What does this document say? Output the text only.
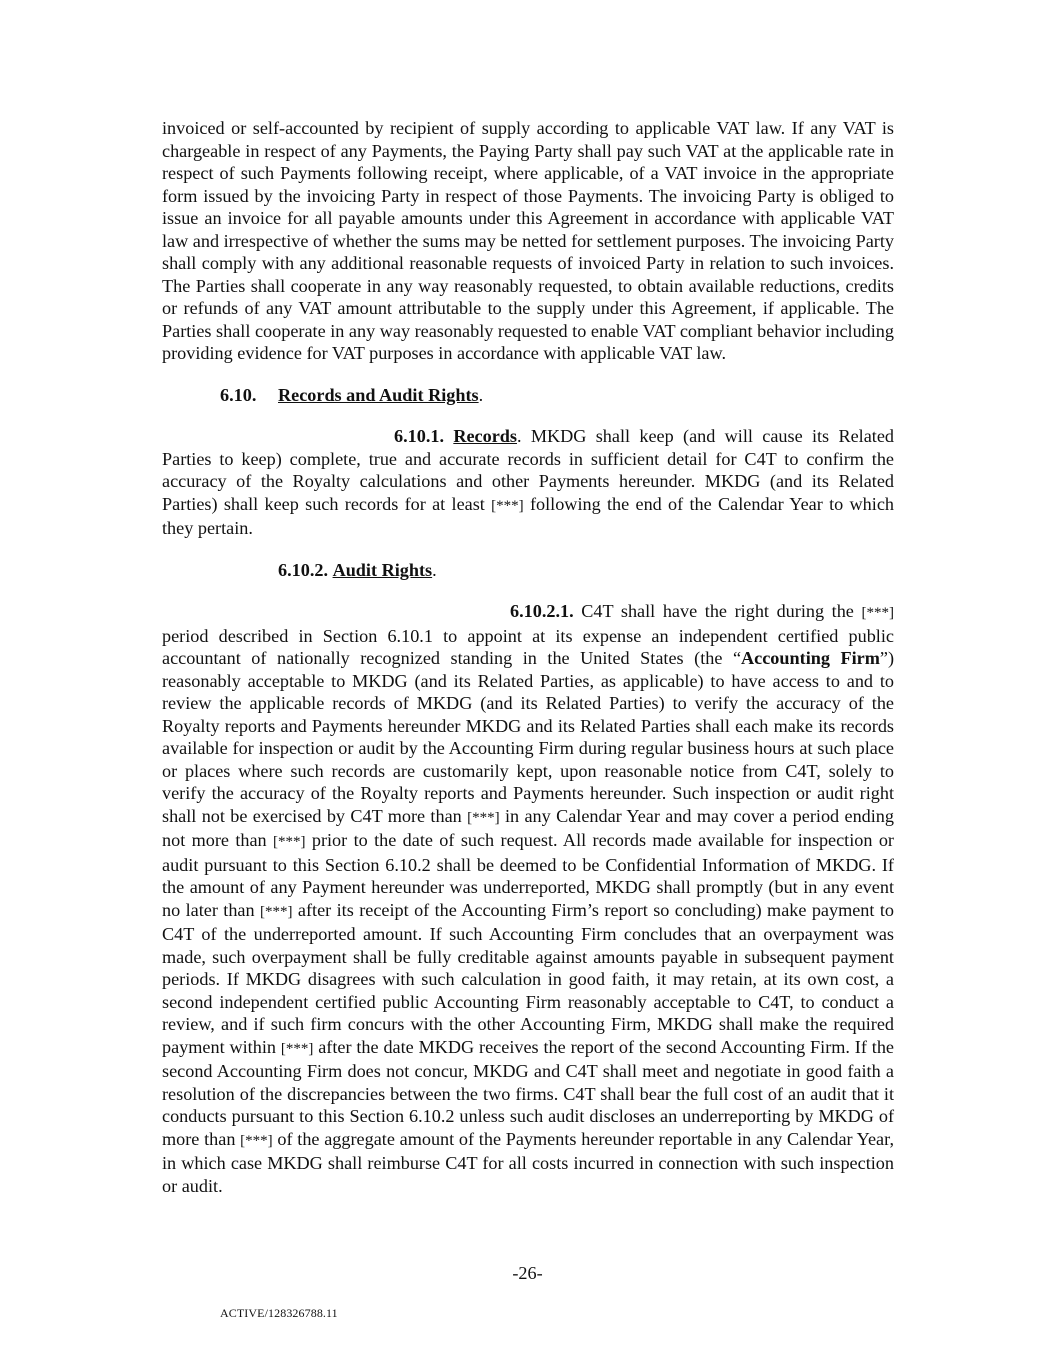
invoiced or self-accounted by recipient of supply according to applicable VAT law. If any VAT is chargeable in respect of any Payments, the Paying Party shall pay such VAT at the applicable rate in respect of such Payments following receipt, where applicable, of a VAT invoice in the appropriate form issued by the invoicing Party in respect of those Payments. The invoicing Party is obliged to issue an invoice for all payable amounts under this Agreement in accordance with applicable VAT law and irrespective of whether the sums may be netted for settlement purposes. The invoicing Party shall comply with any additional reasonable requests of invoiced Party in relation to such invoices. The Parties shall cooperate in any way reasonably requested, to obtain available reductions, credits or refunds of any VAT amount attributable to the supply under this Agreement, if applicable. The Parties shall cooperate in any way reasonably requested to enable VAT compliant behavior including providing evidence for VAT purposes in accordance with applicable VAT law.

6.10. Records and Audit Rights.

6.10.1. Records. MKDG shall keep (and will cause its Related Parties to keep) complete, true and accurate records in sufficient detail for C4T to confirm the accuracy of the Royalty calculations and other Payments hereunder. MKDG (and its Related Parties) shall keep such records for at least [***] following the end of the Calendar Year to which they pertain.

6.10.2. Audit Rights.

6.10.2.1. C4T shall have the right during the [***] period described in Section 6.10.1 to appoint at its expense an independent certified public accountant of nationally recognized standing in the United States (the “Accounting Firm”) reasonably acceptable to MKDG (and its Related Parties, as applicable) to have access to and to review the applicable records of MKDG (and its Related Parties) to verify the accuracy of the Royalty reports and Payments hereunder MKDG and its Related Parties shall each make its records available for inspection or audit by the Accounting Firm during regular business hours at such place or places where such records are customarily kept, upon reasonable notice from C4T, solely to verify the accuracy of the Royalty reports and Payments hereunder. Such inspection or audit right shall not be exercised by C4T more than [***] in any Calendar Year and may cover a period ending not more than [***] prior to the date of such request. All records made available for inspection or audit pursuant to this Section 6.10.2 shall be deemed to be Confidential Information of MKDG. If the amount of any Payment hereunder was underreported, MKDG shall promptly (but in any event no later than [***] after its receipt of the Accounting Firm’s report so concluding) make payment to C4T of the underreported amount. If such Accounting Firm concludes that an overpayment was made, such overpayment shall be fully creditable against amounts payable in subsequent payment periods. If MKDG disagrees with such calculation in good faith, it may retain, at its own cost, a second independent certified public Accounting Firm reasonably acceptable to C4T, to conduct a review, and if such firm concurs with the other Accounting Firm, MKDG shall make the required payment within [***] after the date MKDG receives the report of the second Accounting Firm. If the second Accounting Firm does not concur, MKDG and C4T shall meet and negotiate in good faith a resolution of the discrepancies between the two firms. C4T shall bear the full cost of an audit that it conducts pursuant to this Section 6.10.2 unless such audit discloses an underreporting by MKDG of more than [***] of the aggregate amount of the Payments hereunder reportable in any Calendar Year, in which case MKDG shall reimburse C4T for all costs incurred in connection with such inspection or audit.

-26-
ACTIVE/128326788.11
